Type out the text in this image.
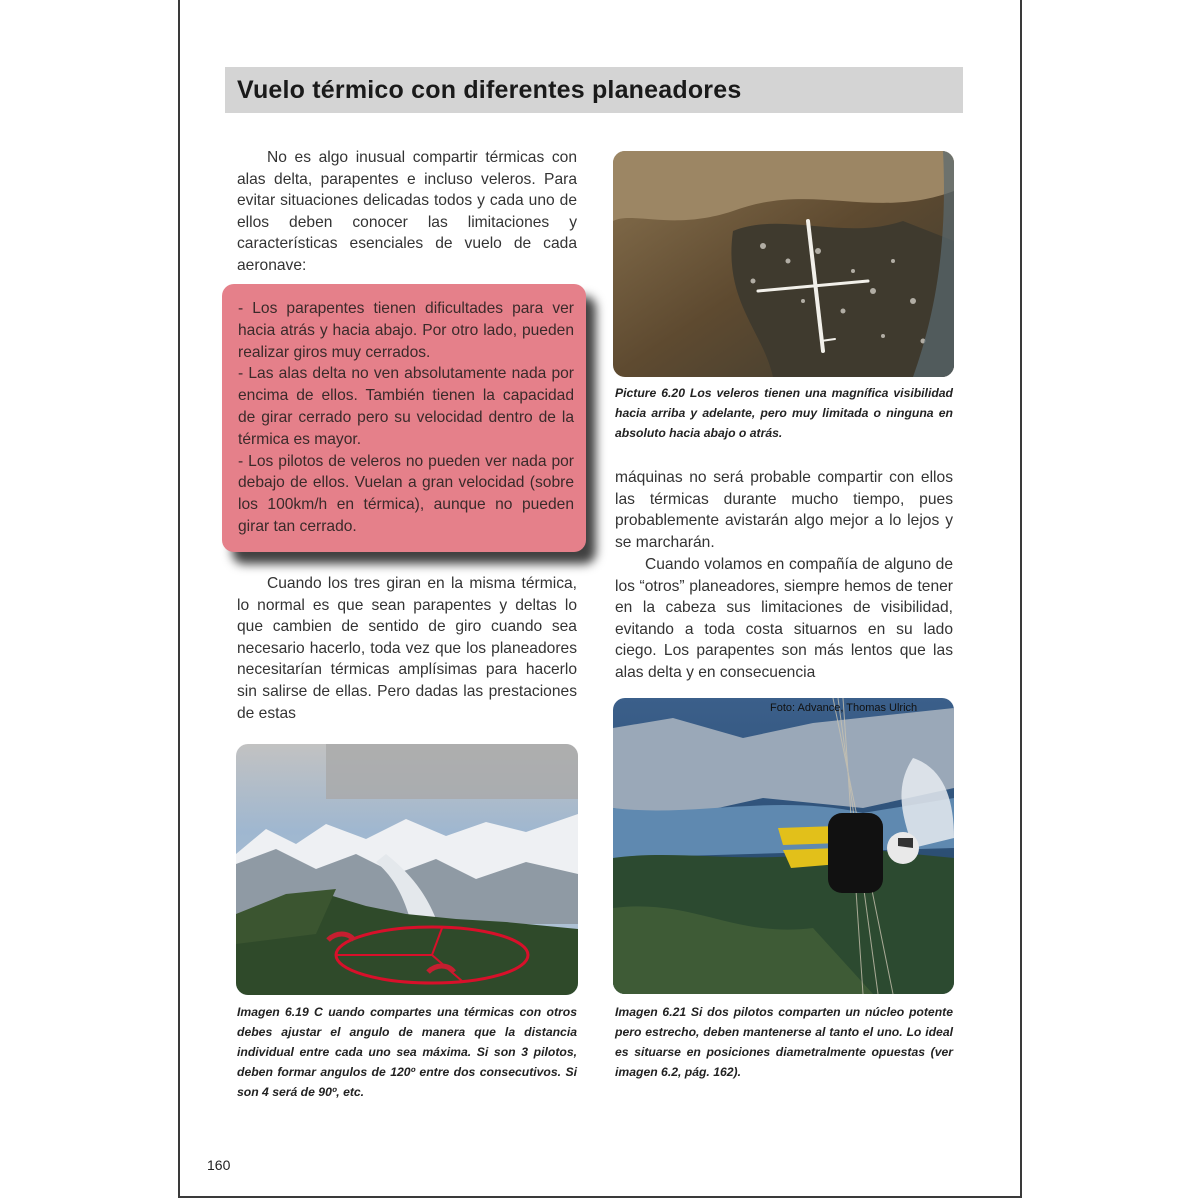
Vuelo térmico con diferentes planeadores

No es algo inusual compartir térmicas con alas delta, parapentes e incluso veleros. Para evitar situaciones delicadas todos y cada uno de ellos deben conocer las limitaciones y características esenciales de vuelo de cada aeronave:

- Los parapentes tienen dificultades para ver hacia atrás y hacia abajo. Por otro lado, pueden realizar giros muy cerrados.

- Las alas delta no ven absolutamente nada por encima de ellos. También tienen la capacidad de girar cerrado pero su velocidad dentro de la térmica es mayor.

- Los pilotos de veleros no pueden ver nada por debajo de ellos. Vuelan a gran velocidad (sobre los 100km/h en térmica), aunque no pueden girar tan cerrado.

Cuando los tres giran en la misma térmica, lo normal es que sean parapentes y deltas lo que cambien de sentido de giro cuando sea necesario hacerlo, toda vez que los planeadores necesitarían térmicas amplísimas para hacerlo sin salirse de ellas. Pero dadas las prestaciones de estas

Picture 6.20 Los veleros tienen una magnífica visibilidad hacia arriba y adelante, pero muy limitada o ninguna en absoluto hacia abajo o atrás.

máquinas no será probable compartir con ellos las térmicas durante mucho tiempo, pues probablemente avistarán algo mejor a lo lejos y se marcharán.

Cuando volamos en compañía de alguno de los “otros” planeadores, siempre hemos de tener en la cabeza sus limitaciones de visibilidad, evitando a toda costa situarnos en su lado ciego. Los parapentes son más lentos que las alas delta y en consecuencia

Imagen 6.19 C uando compartes una térmicas con otros debes ajustar el angulo de manera que la distancia individual entre cada uno sea máxima. Si son 3 pilotos, deben formar angulos de 120º entre dos consecutivos. Si son 4 será de 90º, etc.

Foto: Advance, Thomas Ulrich

Imagen 6.21 Si dos pilotos comparten un núcleo potente pero estrecho, deben mantenerse al tanto el uno. Lo ideal es situarse en posiciones diametralmente opuestas (ver imagen 6.2, pág. 162).

160
